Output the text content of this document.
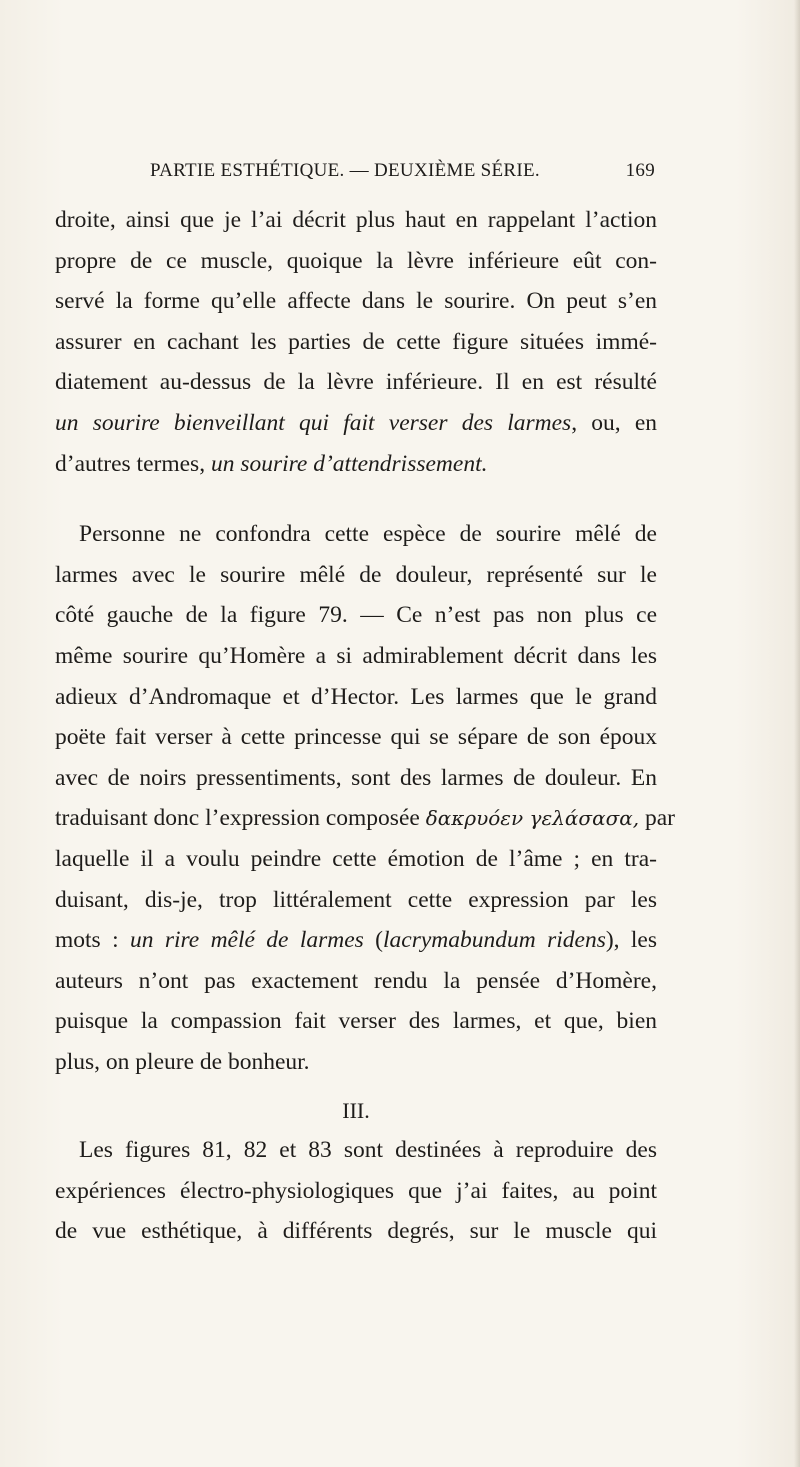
PARTIE ESTHÉTIQUE. — DEUXIÈME SÉRIE.	169
droite, ainsi que je l’ai décrit plus haut en rappelant l’action
propre de ce muscle, quoique la lèvre inférieure eût con-
servé la forme qu’elle affecte dans le sourire. On peut s’en
assurer en cachant les parties de cette figure situées immé-
diatement au-dessus de la lèvre inférieure. Il en est résulté
un sourire bienveillant qui fait verser des larmes, ou, en
d’autres termes, un sourire d’attendrissement.
Personne ne confondra cette espèce de sourire mêlé de
larmes avec le sourire mêlé de douleur, représenté sur le
côté gauche de la figure 79. — Ce n’est pas non plus ce
même sourire qu’Homère a si admirablement décrit dans les
adieux d’Andromaque et d’Hector. Les larmes que le grand
poëte fait verser à cette princesse qui se sépare de son époux
avec de noirs pressentiments, sont des larmes de douleur. En
traduisant donc l’expression composée δακρυόεν γελάσασα, par
laquelle il a voulu peindre cette émotion de l’âme ; en tra-
duisant, dis-je, trop littéralement cette expression par les
mots : un rire mêlé de larmes (lacrymabundum ridens), les
auteurs n’ont pas exactement rendu la pensée d’Homère,
puisque la compassion fait verser des larmes, et que, bien
plus, on pleure de bonheur.
III.
Les figures 81, 82 et 83 sont destinées à reproduire des
expériences électro-physiologiques que j’ai faites, au point
de vue esthétique, à différents degrés, sur le muscle qui
